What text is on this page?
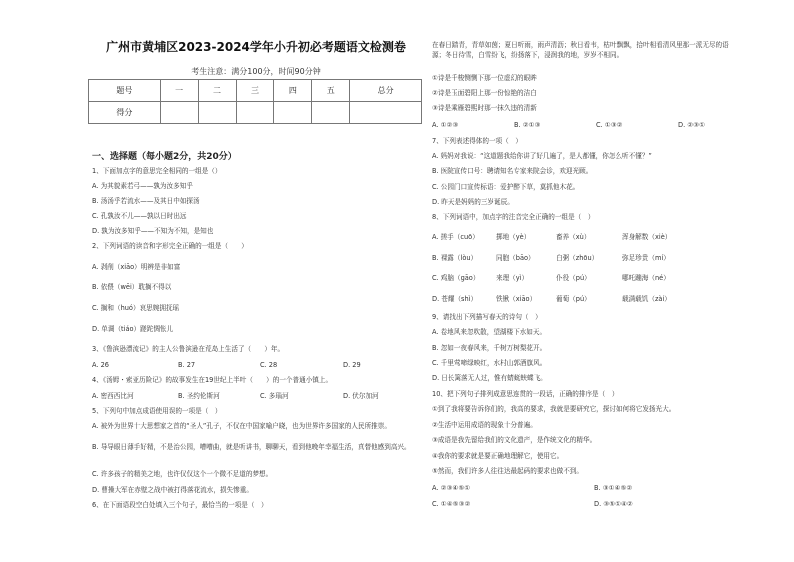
广州市黄埔区2023-2024学年小升初必考题语文检测卷
考生注意：满分100分，时间90分钟
题号	一	二	三	四	五	总分
得分						
一、选择题（每小题2分，共20分）
1、下面加点字的意思完全相同的一组是（）
A. 为其貌素若弓——孰为汝多知乎
B. 汤汤乎若流水——及其日中如探汤
C. 孔孰汝不儿——孰以日时出远
D. 孰为汝多知乎——不知为不知，是知也
2、下列词语的读音和字形完全正确的一组是（　　）
A. 剥削（xiāo）明辨是非如富
B. 依偎（wēi）耽搁不得以
C. 搁和（huó）哀思婉拥抚瑶
D. 单调（tiáo）蹉跎惆怅儿
3、《鲁滨逊漂流记》的主人公鲁滨逊在荒岛上生活了（　　）年。
A. 26	B. 27	C. 28	D. 29
4、《汤姆・索亚历险记》的故事发生在19世纪上半叶（　　）的一个普通小镇上。
A. 密西西比河	B. 圣约伦斯河	C. 多瑙河	D. 伏尔加河
5、下列句中加点成语使用误的一项是（　）
A. 被外为世界十大思想家之首的“圣人”孔子，不仅在中国家喻户晓，也为世界许多国家的人民所推崇。
B. 导导眼日薄手好精，不是治公园，嘈嘈曲，就是听讲书，聊聊天，看到他晚年幸福生活，真替他感到高兴。
C. 许多孩子的精美之地，也许仅仅这个一个微不足道的梦想。
D. 曹操大军在赤壁之战中被打得落花流水，损失惨重。
6、在下面语段空白处填入三个句子，最恰当的一项是（　）
在春日踏青，青草如茵；夏日听雨，雨声清沥；秋日看韦，枯叶飘飘，拾叶相看清风里那一派无尽的语源；冬日待雪，白雪纷飞，纷扬落下，浸润我的地，岁岁不相同。
①诗是千梭恻恻下那一位虚幻的眼眸
②诗是玉面碧阳上那一份惊艳的洁白
③诗是乘雁碧熙时那一抹久违的清新
A. ①②③	B. ②①③	C. ①③②	D. ②③①
7、下列表述得体的一项（　）
A. 妈妈对我说：“这道题我给你讲了好几遍了，是人都懂，你怎么听不懂？”
B. 医院宣传口号：聘请知名专家来院会诊，欢迎光顾。
C. 公园门口宣传标语：爱护醉下草，莫抓他木花。
D. 昨天是妈妈的三岁诞辰。
8、下列词语中，加点字的注音完全正确的一组是（　）
A. 搓手（cuō）	掷地（yè）	畜养（xù）	浑身解数（xiè）
B. 裸露（lòu）	同胞（bāo）	白粥（zhōu）	弥足珍贵（mí）
C. 鸡脑（gāo）	来理（yì）	仆役（pú）	哪吒蹦海（né）
D. 苍耀（shì）	铁锹（xiāo）	葡萄（pú）	载满载饥（zài）
9、请找出下列描写春天的诗句（　）
A. 卷地风来忽吹散，望湖楼下水如天。
B. 忽如一夜春风来，千树万树梨花开。
C. 千里莺啼绿映红，水村山郭酒旗风。
D. 日长篱落无人过，惟有蜻蜓蛱蝶飞。
10、把下列句子排列成意思连贯的一段话，正确的排序是（　）
①到了我将要告诉你们的，我高的要求，我就是要研究它，探讨如何将它发扬光大。
②生活中运用成语的现象十分普遍。
③成语是我先留给我们的文化遗产，是作统文化的精华。
④我你的要求就是要正确地理解它，使用它。
⑤然而，我们许多人往往达最起码的要求也做不到。
A. ②③④⑤①	B. ③①④⑤②
C. ①④⑤③②	D. ③⑤①④②
